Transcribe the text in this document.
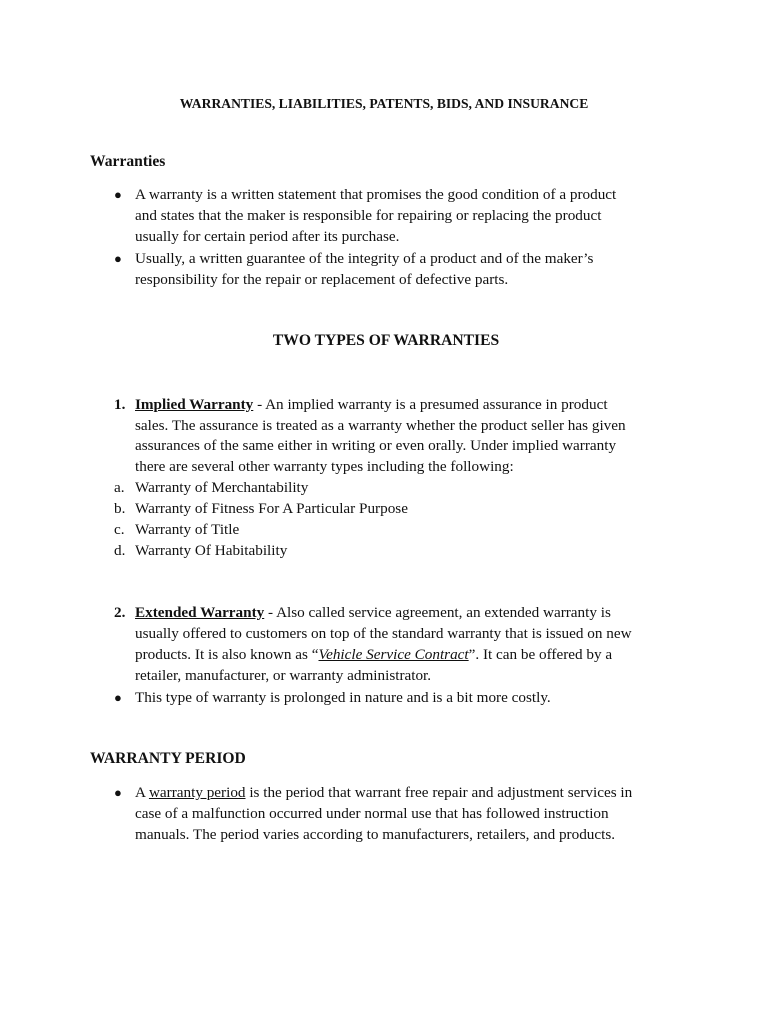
WARRANTIES, LIABILITIES, PATENTS, BIDS, AND INSURANCE
Warranties
● A warranty is a written statement that promises the good condition of a product
and states that the maker is responsible for repairing or replacing the product
usually for certain period after its purchase.
● Usually, a written guarantee of the integrity of a product and of the maker’s
responsibility for the repair or replacement of defective parts.
TWO TYPES OF WARRANTIES
1. Implied Warranty - An implied warranty is a presumed assurance in product
sales. The assurance is treated as a warranty whether the product seller has given
assurances of the same either in writing or even orally. Under implied warranty
there are several other warranty types including the following:
a. Warranty of Merchantability
b. Warranty of Fitness For A Particular Purpose
c. Warranty of Title
d. Warranty Of Habitability
2. Extended Warranty - Also called service agreement, an extended warranty is
usually offered to customers on top of the standard warranty that is issued on new
products. It is also known as “Vehicle Service Contract”. It can be offered by a
retailer, manufacturer, or warranty administrator.
● This type of warranty is prolonged in nature and is a bit more costly.
WARRANTY PERIOD
● A warranty period is the period that warrant free repair and adjustment services in
case of a malfunction occurred under normal use that has followed instruction
manuals. The period varies according to manufacturers, retailers, and products.
